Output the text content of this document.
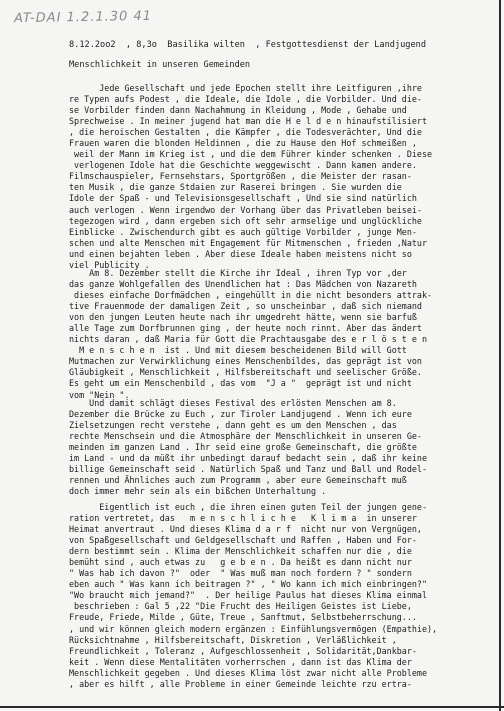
AT-DAI 1.2.1.30 41
8.12.2oo2  , 8,3o  Basilika wilten  , Festgottesdienst der Landjugend
Menschlichkeit in unseren Gemeinden
Jede Gesellschaft und jede Epochen stellt ihre Leitfiguren ,ihre
re Typen aufs Podest , die Ideale, die Idole , die Vorbilder. Und die-
se Vorbilder finden dann Nachahmung in Kleidung , Mode , Gehabe und
Sprechweise . In meiner jugend hat man die H e l d e n hinaufstilisiert
, die heroischen Gestalten , die Kämpfer , die Todesverächter, Und die
Frauen waren die blonden Heldinnen , die zu Hause den Hof schmeißen ,
weil der Mann im Krieg ist , und die dem Führer kinder schenken . Diese
verlogenen Idole hat die Geschichte weggewischt . Dann kamen andere.
Filmschauspieler, Fernsehstars, Sportgrößen , die Meister der rasan-
ten Musik , die ganze Stdaien zur Raserei bringen . Sie wurden die
Idole der Spaß - und Televisionsgesellschaft , Und sie sind natürlich
auch verlogen . Wenn irgendwo der Vorhang über das Privatleben beisei-
tegezogen wird , dann ergeben sich oft sehr armselige und unglückliche
Einblicke . Zwischendurch gibt es auch gültige Vorbilder , junge Men-
schen und alte Menschen mit Engagement für Mitmenschen , frieden ,Natur
und einen bejahten leben . Aber diese Ideale haben meistens nicht so
viel Publicity .
Am 8. Dezember stellt die Kirche ihr Ideal , ihren Typ vor ,der
das ganze Wohlgefallen des Unendlichen hat : Das Mädchen von Nazareth
dieses einfache Dorfmädchen , eingehüllt in die nicht besonders attrak-
tive Frauenmode der damaligen Zeit , so unscheinbar , daß sich niemand
von den jungen Leuten heute nach ihr umgedreht hätte, wenn sie barfuß
alle Tage zum Dorfbrunnen ging , der heute noch rinnt. Aber das ändert
nichts daran , daß Maria für Gott die Prachtausgabe des e r l ö s t e n
M e n s c h e n  ist . Und mit diesem bescheidenen Bild will Gott
Mutmachen zur Verwirklichung eines Menschenbildes, das geprägt ist von
Gläubigkeit , Menschlichkeit , Hilfsbereitschaft und seelischer Größe.
Es geht um ein Menschenbild , das vom  "J a "  geprägt ist und nicht
vom "Nein ".
Und damit schlägt dieses Festival des erlösten Menschen am 8.
Dezember die Brücke zu Euch , zur Tiroler Landjugend . Wenn ich eure
Zielsetzungen recht verstehe , dann geht es um den Menschen , das
rechte Menschsein und die Atmosphäre der Menschlichkeit in unseren Ge-
meinden im ganzen Land . Ihr seid eine große Gemeinschaft, die größte
im Land - und da müßt ihr unbedingt darauf bedacht sein , daß ihr keine
billige Gemeinschaft seid . Natürlich Spaß und Tanz und Ball und Rodel-
rennen und Ähnliches auch zum Programm , aber eure Gemeinschaft muß
doch immer mehr sein als ein bißchen Unterhaltung .
Eigentlich ist euch , die ihren einen guten Teil der jungen gene-
ration vertretet, das   m e n s c h l i c h e   K l i m a  in unserer
Heimat anvertraut . Und dieses Klima d a r f  nicht nur von Vergnügen,
von Spaßgesellschaft und Geldgesellschaft und Raffen , Haben und For-
dern bestimmt sein . Klima der Menschlichkeit schaffen nur die , die
bemüht sind , auch etwas zu   g e b e n . Da heißt es dann nicht nur
" Was hab ich davon ?"  oder  " Was muß man noch fordern ? " sondern
eben auch " Was kann ich beitragen ?" , " Wo kann ich mich einbringen?"
"Wo braucht mich jemand?"  . Der heilige Paulus hat dieses Klima einmal
beschrieben : Gal 5 ,22 "Die Frucht des Heiligen Geistes ist Liebe,
Freude, Friede, Milde , Güte, Treue , Sanftmut, Selbstbeherrschung...
, und wir können gleich modern ergänzen : Einfühlungsvermögen (Empathie),
Rücksichtnahme , Hilfsbereitschaft, Diskretion , Verläßlichkeit ,
Freundlichkeit , Toleranz , Aufgeschlossenheit , Solidarität,Dankbar-
keit . Wenn diese Mentalitäten vorherrschen , dann ist das Klima der
Menschlichkeit gegeben . Und dieses Klima löst zwar nicht alle Probleme
, aber es hilft , alle Probleme in einer Gemeinde leichte rzu ertra-
